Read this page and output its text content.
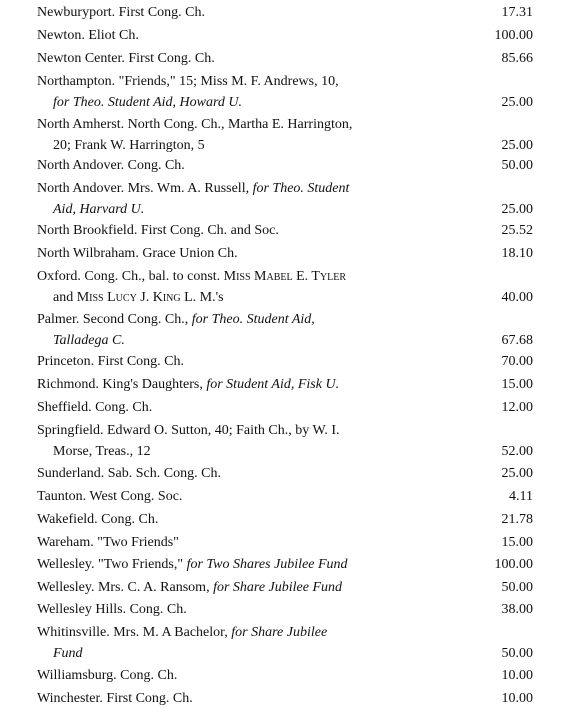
Newburyport. First Cong. Ch.	17.31
Newton. Eliot Ch.	100.00
Newton Center. First Cong. Ch.	85.66
Northampton. "Friends," 15; Miss M. F. Andrews, 10,
for Theo. Student Aid, Howard U.	25.00
North Amherst. North Cong. Ch., Martha E. Harrington,
20; Frank W. Harrington, 5	25.00
North Andover. Cong. Ch.	50.00
North Andover. Mrs. Wm. A. Russell, for Theo. Student
Aid, Harvard U.	25.00
North Brookfield. First Cong. Ch. and Soc.	25.52
North Wilbraham. Grace Union Ch.	18.10
Oxford. Cong. Ch., bal. to const. Miss Mabel E. Tyler
and Miss Lucy J. King L. M.'s	40.00
Palmer. Second Cong. Ch., for Theo. Student Aid,
Talladega C.	67.68
Princeton. First Cong. Ch.	70.00
Richmond. King's Daughters, for Student Aid, Fisk U.	15.00
Sheffield. Cong. Ch.	12.00
Springfield. Edward O. Sutton, 40; Faith Ch., by W. I.
Morse, Treas., 12	52.00
Sunderland. Sab. Sch. Cong. Ch.	25.00
Taunton. West Cong. Soc.	4.11
Wakefield. Cong. Ch.	21.78
Wareham. "Two Friends"	15.00
Wellesley. "Two Friends," for Two Shares Jubilee Fund	100.00
Wellesley. Mrs. C. A. Ransom, for Share Jubilee Fund	50.00
Wellesley Hills. Cong. Ch.	38.00
Whitinsville. Mrs. M. A Bachelor, for Share Jubilee
Fund	50.00
Williamsburg. Cong. Ch.	10.00
Winchester. First Cong. Ch.	10.00
